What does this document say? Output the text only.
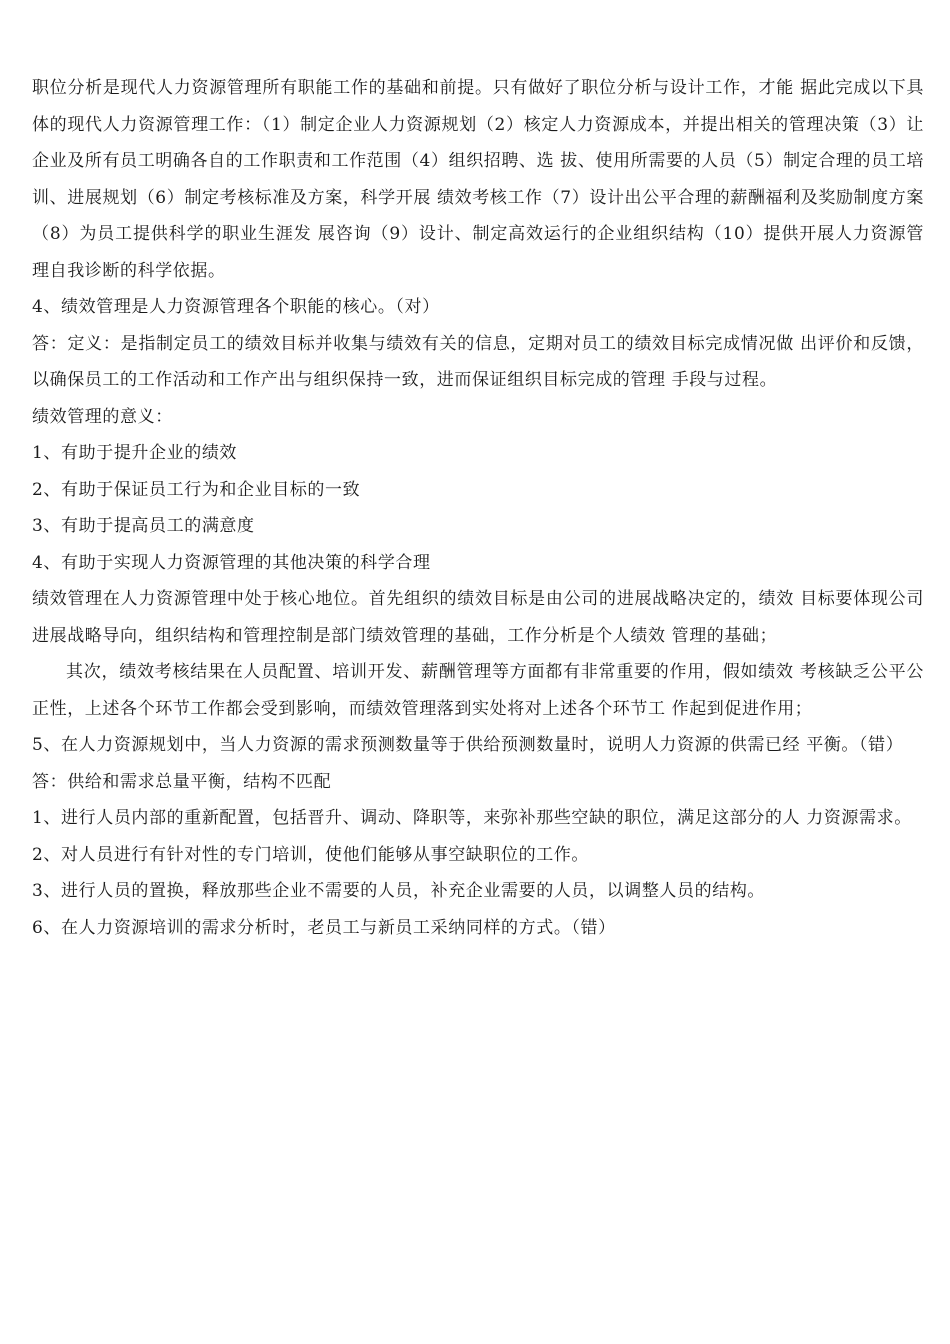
职位分析是现代人力资源管理所有职能工作的基础和前提。只有做好了职位分析与设计工作，才能 据此完成以下具体的现代人力资源管理工作：（1）制定企业人力资源规划（2）核定人力资源成本，并提出相关的管理决策（3）让企业及所有员工明确各自的工作职责和工作范围（4）组织招聘、选 拔、使用所需要的人员（5）制定合理的员工培训、进展规划（6）制定考核标准及方案，科学开展 绩效考核工作（7）设计出公平合理的薪酬福利及奖励制度方案（8）为员工提供科学的职业生涯发 展咨询（9）设计、制定高效运行的企业组织结构（10）提供开展人力资源管理自我诊断的科学依据。

4、绩效管理是人力资源管理各个职能的核心。（对）

答：定义：是指制定员工的绩效目标并收集与绩效有关的信息，定期对员工的绩效目标完成情况做 出评价和反馈，以确保员工的工作活动和工作产出与组织保持一致，进而保证组织目标完成的管理 手段与过程。

绩效管理的意义：

1、有助于提升企业的绩效

2、有助于保证员工行为和企业目标的一致

3、有助于提高员工的满意度

4、有助于实现人力资源管理的其他决策的科学合理

绩效管理在人力资源管理中处于核心地位。首先组织的绩效目标是由公司的进展战略决定的，绩效 目标要体现公司进展战略导向，组织结构和管理控制是部门绩效管理的基础，工作分析是个人绩效 管理的基础；

其次，绩效考核结果在人员配置、培训开发、薪酬管理等方面都有非常重要的作用，假如绩效 考核缺乏公平公正性，上述各个环节工作都会受到影响，而绩效管理落到实处将对上述各个环节工 作起到促进作用；

5、在人力资源规划中，当人力资源的需求预测数量等于供给预测数量时，说明人力资源的供需已经 平衡。（错）

答：供给和需求总量平衡，结构不匹配

1、进行人员内部的重新配置，包括晋升、调动、降职等，来弥补那些空缺的职位，满足这部分的人 力资源需求。

2、对人员进行有针对性的专门培训，使他们能够从事空缺职位的工作。

3、进行人员的置换，释放那些企业不需要的人员，补充企业需要的人员，以调整人员的结构。

6、在人力资源培训的需求分析时，老员工与新员工采纳同样的方式。（错）
